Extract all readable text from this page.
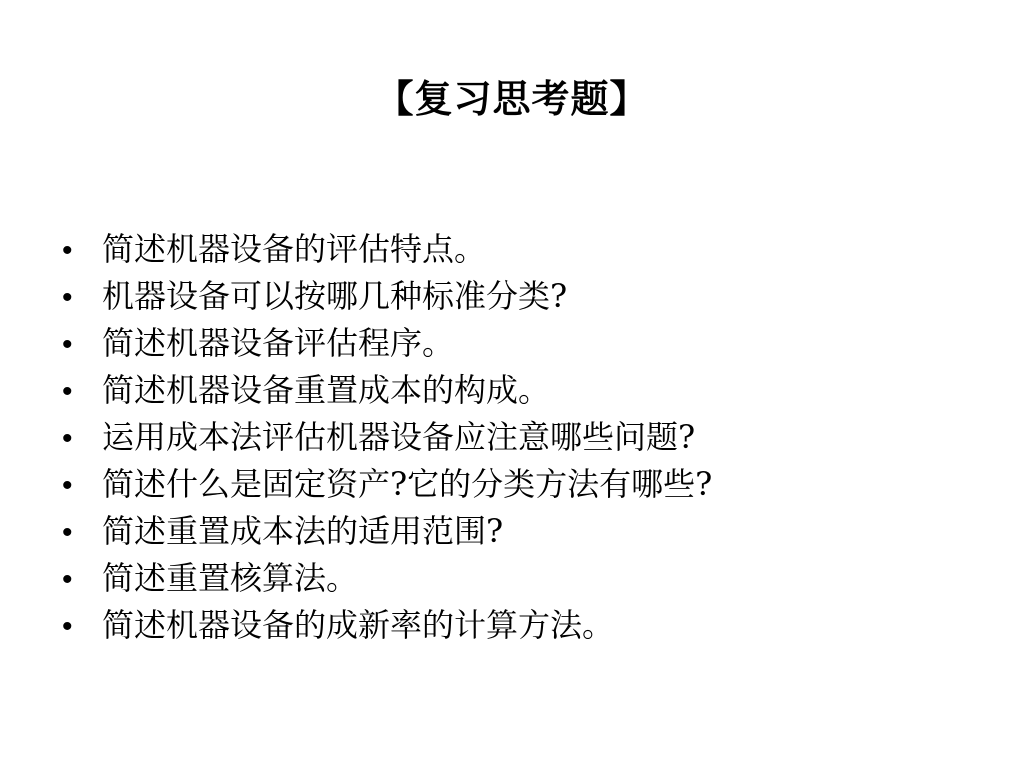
【复习思考题】
• 简述机器设备的评估特点。
• 机器设备可以按哪几种标准分类?
• 简述机器设备评估程序。
• 简述机器设备重置成本的构成。
• 运用成本法评估机器设备应注意哪些问题?
• 简述什么是固定资产?它的分类方法有哪些?
• 简述重置成本法的适用范围?
• 简述重置核算法。
• 简述机器设备的成新率的计算方法。
